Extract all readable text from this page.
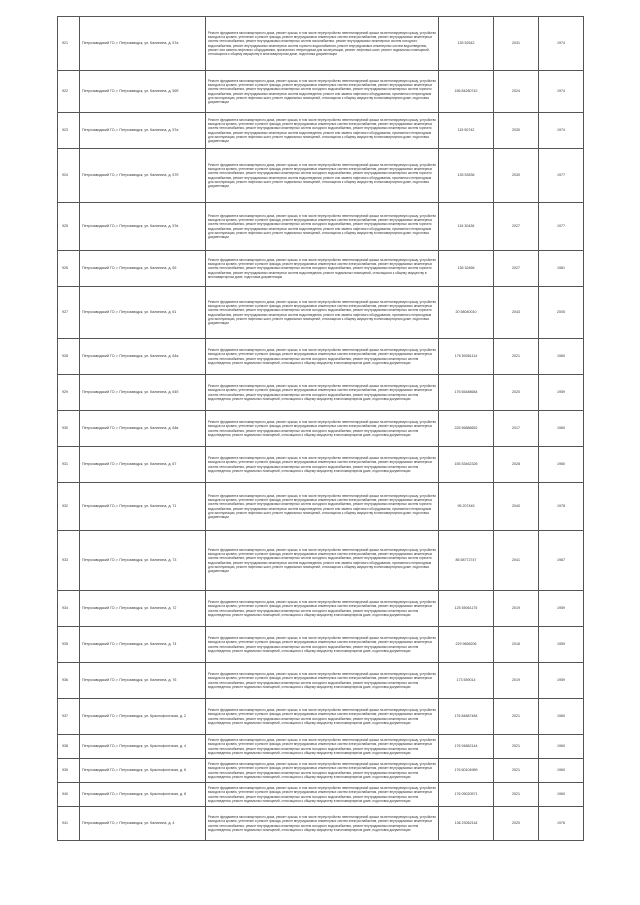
921	Петрозаводский ГО, г. Петрозаводск, ул. Калинина, д. 57а	Ремонт фундамента многоквартирного дома, ремонт крыши, в том числе переустройство невентилируемой крыши на вентилируемую крышу, устройство выходов на кровлю, утепление и ремонт фасада, ремонт внутридомовых инженерных систем электроснабжения, ремонт внутридомовых инженерных систем теплоснабжения, ремонт внутридомовых инженерных систем газоснабжения, ремонт внутридомовых инженерных систем холодного водоснабжения, ремонт внутридомовых инженерных систем горячего водоснабжения, ремонт внутридомовых инженерных систем водоотведения, ремонт или замена лифтового оборудования, признанного непригодным для эксплуатации, ремонт лифтовых шахт, ремонт подвальных помещений, относящихся к общему имуществу в многоквартирном доме, подготовка документации	135 52542	2031	1974
922	Петрозаводский ГО, г. Петрозаводск, ул. Калинина, д. 59б	Ремонт фундамента многоквартирного дома, ремонт крыши, в том числе переустройство невентилируемой крыши на вентилируемую крышу, устройство выходов на кровлю, утепление и ремонт фасада, ремонт внутридомовых инженерных систем электроснабжения, ремонт внутридомовых инженерных систем теплоснабжения, ремонт внутридомовых инженерных систем холодного водоснабжения, ремонт внутридомовых инженерных систем горячего водоснабжения, ремонт внутридомовых инженерных систем водоотведения, ремонт или замена лифтового оборудования, признанного непригодным для эксплуатации, ремонт лифтовых шахт, ремонт подвальных помещений, относящихся к общему имуществу в многоквартирном доме, подготовка документации	156 84280742	2024	1974
923	Петрозаводский ГО, г. Петрозаводск, ул. Калинина, д. 57а	Ремонт фундамента многоквартирного дома, ремонт крыши, в том числе переустройство невентилируемой крыши на вентилируемую крышу, устройство выходов на кровлю, утепление и ремонт фасада, ремонт внутридомовых инженерных систем электроснабжения, ремонт внутридомовых инженерных систем теплоснабжения, ремонт внутридомовых инженерных систем холодного водоснабжения, ремонт внутридомовых инженерных систем горячего водоснабжения, ремонт внутридомовых инженерных систем водоотведения, ремонт или замена лифтового оборудования, признанного непригодным для эксплуатации, ремонт лифтовых шахт, ремонт подвальных помещений, относящихся к общему имуществу в многоквартирном доме, подготовка документации	115 50742	2030	1974
924	Петрозаводский ГО, г. Петрозаводск, ул. Калинина, д. 57б	Ремонт фундамента многоквартирного дома, ремонт крыши, в том числе переустройство невентилируемой крыши на вентилируемую крышу, устройство выходов на кровлю, утепление и ремонт фасада, ремонт внутридомовых инженерных систем электроснабжения, ремонт внутридомовых инженерных систем теплоснабжения, ремонт внутридомовых инженерных систем холодного водоснабжения, ремонт внутридомовых инженерных систем горячего водоснабжения, ремонт внутридомовых инженерных систем водоотведения, ремонт или замена лифтового оборудования, признанного непригодным для эксплуатации, ремонт лифтовых шахт, ремонт подвальных помещений, относящихся к общему имуществу в многоквартирном доме, подготовка документации	135 53536	2030	1977
925	Петрозаводский ГО, г. Петрозаводск, ул. Калинина, д. 57в	Ремонт фундамента многоквартирного дома, ремонт крыши, в том числе переустройство невентилируемой крыши на вентилируемую крышу, устройство выходов на кровлю, утепление и ремонт фасада, ремонт внутридомовых инженерных систем электроснабжения, ремонт внутридомовых инженерных систем теплоснабжения, ремонт внутридомовых инженерных систем холодного водоснабжения, ремонт внутридомовых инженерных систем горячего водоснабжения, ремонт внутридомовых инженерных систем водоотведения, ремонт или замена лифтового оборудования, признанного непригодным для эксплуатации, ремонт лифтовых шахт, ремонт подвальных помещений, относящихся к общему имуществу в многоквартирном доме, подготовка документации	116 30436	2027	1977
926	Петрозаводский ГО, г. Петрозаводск, ул. Калинина, д. 59	Ремонт фундамента многоквартирного дома, ремонт крыши, в том числе переустройство невентилируемой крыши на вентилируемую крышу, устройство выходов на кровлю, утепление и ремонт фасада, ремонт внутридомовых инженерных систем электроснабжения, ремонт внутридомовых инженерных систем теплоснабжения, ремонт внутридомовых инженерных систем холодного водоснабжения, ремонт внутридомовых инженерных систем горячего водоснабжения, ремонт внутридомовых инженерных систем водоотведения, ремонт подвальных помещений, относящихся к общему имуществу в многоквартирном доме, подготовка документации	136 32466	2027	1981
927	Петрозаводский ГО, г. Петрозаводск, ул. Калинина, д. 61	Ремонт фундамента многоквартирного дома, ремонт крыши, в том числе переустройство невентилируемой крыши на вентилируемую крышу, устройство выходов на кровлю, утепление и ремонт фасада, ремонт внутридомовых инженерных систем электроснабжения, ремонт внутридомовых инженерных систем теплоснабжения, ремонт внутридомовых инженерных систем холодного водоснабжения, ремонт внутридомовых инженерных систем горячего водоснабжения, ремонт внутридомовых инженерных систем водоотведения, ремонт или замена лифтового оборудования, признанного непригодным для эксплуатации, ремонт лифтовых шахт, ремонт подвальных помещений, относящихся к общему имуществу в многоквартирном доме, подготовка документации	20 58040010	2043	2005
928	Петрозаводский ГО, г. Петрозаводск, ул. Калинина, д. 64а	Ремонт фундамента многоквартирного дома, ремонт крыши, в том числе переустройство невентилируемой крыши на вентилируемую крышу, устройство выходов на кровлю, утепление и ремонт фасада, ремонт внутридомовых инженерных систем электроснабжения, ремонт внутридомовых инженерных систем теплоснабжения, ремонт внутридомовых инженерных систем холодного водоснабжения, ремонт внутридомовых инженерных систем водоотведения, ремонт подвальных помещений, относящихся к общему имуществу в многоквартирном доме, подготовка документации	176 50061114	2021	1960
929	Петрозаводский ГО, г. Петрозаводск, ул. Калинина, д. 64б	Ремонт фундамента многоквартирного дома, ремонт крыши, в том числе переустройство невентилируемой крыши на вентилируемую крышу, устройство выходов на кровлю, утепление и ремонт фасада, ремонт внутридомовых инженерных систем электроснабжения, ремонт внутридомовых инженерных систем теплоснабжения, ремонт внутридомовых инженерных систем холодного водоснабжения, ремонт внутридомовых инженерных систем водоотведения, ремонт подвальных помещений, относящихся к общему имуществу в многоквартирном доме, подготовка документации	176 65488684	2020	1959
930	Петрозаводский ГО, г. Петрозаводск, ул. Калинина, д. 64в	Ремонт фундамента многоквартирного дома, ремонт крыши, в том числе переустройство невентилируемой крыши на вентилируемую крышу, устройство выходов на кровлю, утепление и ремонт фасада, ремонт внутридомовых инженерных систем электроснабжения, ремонт внутридомовых инженерных систем теплоснабжения, ремонт внутридомовых инженерных систем холодного водоснабжения, ремонт внутридомовых инженерных систем водоотведения, ремонт подвальных помещений, относящихся к общему имуществу в многоквартирном доме, подготовка документации	225 56886652	2017	1960
931	Петрозаводский ГО, г. Петрозаводск, ул. Калинина, д. 67	Ремонт фундамента многоквартирного дома, ремонт крыши, в том числе переустройство невентилируемой крыши на вентилируемую крышу, устройство выходов на кровлю, утепление и ремонт фасада, ремонт внутридомовых инженерных систем электроснабжения, ремонт внутридомовых инженерных систем теплоснабжения, ремонт внутридомовых инженерных систем холодного водоснабжения, ремонт внутридомовых инженерных систем водоотведения, ремонт подвальных помещений, относящихся к общему имуществу в многоквартирном доме, подготовка документации	155 53462326	2028	1960
932	Петрозаводский ГО, г. Петрозаводск, ул. Калинина, д. 71	Ремонт фундамента многоквартирного дома, ремонт крыши, в том числе переустройство невентилируемой крыши на вентилируемую крышу, устройство выходов на кровлю, утепление и ремонт фасада, ремонт внутридомовых инженерных систем электроснабжения, ремонт внутридомовых инженерных систем теплоснабжения, ремонт внутридомовых инженерных систем холодного водоснабжения, ремонт внутридомовых инженерных систем горячего водоснабжения, ремонт внутридомовых инженерных систем водоотведения, ремонт или замена лифтового оборудования, признанного непригодным для эксплуатации, ремонт лифтовых шахт, ремонт подвальных помещений, относящихся к общему имуществу в многоквартирном доме, подготовка документации	95 207445	2040	1978
933	Петрозаводский ГО, г. Петрозаводск, ул. Калинина, д. 73	Ремонт фундамента многоквартирного дома, ремонт крыши, в том числе переустройство невентилируемой крыши на вентилируемую крышу, устройство выходов на кровлю, утепление и ремонт фасада, ремонт внутридомовых инженерных систем электроснабжения, ремонт внутридомовых инженерных систем теплоснабжения, ремонт внутридомовых инженерных систем холодного водоснабжения, ремонт внутридомовых инженерных систем горячего водоснабжения, ремонт внутридомовых инженерных систем водоотведения, ремонт или замена лифтового оборудования, признанного непригодным для эксплуатации, ремонт лифтовых шахт, ремонт подвальных помещений, относящихся к общему имуществу в многоквартирном доме, подготовка документации	86 58772747	2041	1987
934	Петрозаводский ГО, г. Петрозаводск, ул. Калинина, д. 72	Ремонт фундамента многоквартирного дома, ремонт крыши, в том числе переустройство невентилируемой крыши на вентилируемую крышу, устройство выходов на кровлю, утепление и ремонт фасада, ремонт внутридомовых инженерных систем электроснабжения, ремонт внутридомовых инженерных систем теплоснабжения, ремонт внутридомовых инженерных систем холодного водоснабжения, ремонт внутридомовых инженерных систем водоотведения, ремонт подвальных помещений, относящихся к общему имуществу в многоквартирном доме, подготовка документации	125 55061175	2019	1959
935	Петрозаводский ГО, г. Петрозаводск, ул. Калинина, д. 74	Ремонт фундамента многоквартирного дома, ремонт крыши, в том числе переустройство невентилируемой крыши на вентилируемую крышу, устройство выходов на кровлю, утепление и ремонт фасада, ремонт внутридомовых инженерных систем электроснабжения, ремонт внутридомовых инженерных систем теплоснабжения, ремонт внутридомовых инженерных систем холодного водоснабжения, ремонт внутридомовых инженерных систем водоотведения, ремонт подвальных помещений, относящихся к общему имуществу в многоквартирном доме, подготовка документации	229 9656206	2016	1959
936	Петрозаводский ГО, г. Петрозаводск, ул. Калинина, д. 76	Ремонт фундамента многоквартирного дома, ремонт крыши, в том числе переустройство невентилируемой крыши на вентилируемую крышу, устройство выходов на кровлю, утепление и ремонт фасада, ремонт внутридомовых инженерных систем электроснабжения, ремонт внутридомовых инженерных систем теплоснабжения, ремонт внутридомовых инженерных систем холодного водоснабжения, ремонт внутридомовых инженерных систем водоотведения, ремонт подвальных помещений, относящихся к общему имуществу в многоквартирном доме, подготовка документации	173 559014	2019	1959
937	Петрозаводский ГО, г. Петрозаводск, ул. Краснофлотская, д. 2	Ремонт фундамента многоквартирного дома, ремонт крыши, в том числе переустройство невентилируемой крыши на вентилируемую крышу, устройство выходов на кровлю, утепление и ремонт фасада, ремонт внутридомовых инженерных систем электроснабжения, ремонт внутридомовых инженерных систем теплоснабжения, ремонт внутридомовых инженерных систем холодного водоснабжения, ремонт внутридомовых инженерных систем водоотведения, ремонт подвальных помещений, относящихся к общему имуществу в многоквартирном доме, подготовка документации	176 84887484	2021	1960
938	Петрозаводский ГО, г. Петрозаводск, ул. Краснофлотская, д. 4	Ремонт фундамента многоквартирного дома, ремонт крыши, в том числе переустройство невентилируемой крыши на вентилируемую крышу, устройство выходов на кровлю, утепление и ремонт фасада, ремонт внутридомовых инженерных систем электроснабжения, ремонт внутридомовых инженерных систем теплоснабжения, ремонт внутридомовых инженерных систем холодного водоснабжения, ремонт внутридомовых инженерных систем водоотведения, ремонт подвальных помещений, относящихся к общему имуществу в многоквартирном доме, подготовка документации	176 94862144	2021	1960
939	Петрозаводский ГО, г. Петрозаводск, ул. Краснофлотская, д. 6	Ремонт фундамента многоквартирного дома, ремонт крыши, в том числе переустройство невентилируемой крыши на вентилируемую крышу, устройство выходов на кровлю, утепление и ремонт фасада, ремонт внутридомовых инженерных систем электроснабжения, ремонт внутридомовых инженерных систем теплоснабжения, ремонт внутридомовых инженерных систем холодного водоснабжения, ремонт внутридомовых инженерных систем водоотведения, ремонт подвальных помещений, относящихся к общему имуществу в многоквартирном доме, подготовка документации	176 60104989	2021	1960
940	Петрозаводский ГО, г. Петрозаводск, ул. Краснофлотская, д. 8	Ремонт фундамента многоквартирного дома, ремонт крыши, в том числе переустройство невентилируемой крыши на вентилируемую крышу, устройство выходов на кровлю, утепление и ремонт фасада, ремонт внутридомовых инженерных систем электроснабжения, ремонт внутридомовых инженерных систем теплоснабжения, ремонт внутридомовых инженерных систем холодного водоснабжения, ремонт внутридомовых инженерных систем водоотведения, ремонт подвальных помещений, относящихся к общему имуществу в многоквартирном доме, подготовка документации	176 05020571	2021	1960
941	Петрозаводский ГО, г. Петрозаводск, ул. Калинина, д. 4	Ремонт фундамента многоквартирного дома, ремонт крыши, в том числе переустройство невентилируемой крыши на вентилируемую крышу, устройство выходов на кровлю, утепление и ремонт фасада, ремонт внутридомовых инженерных систем электроснабжения, ремонт внутридомовых инженерных систем теплоснабжения, ремонт внутридомовых инженерных систем холодного водоснабжения, ремонт внутридомовых инженерных систем водоотведения, ремонт подвальных помещений, относящихся к общему имуществу в многоквартирном доме, подготовка документации	136 23062118	2020	1976
